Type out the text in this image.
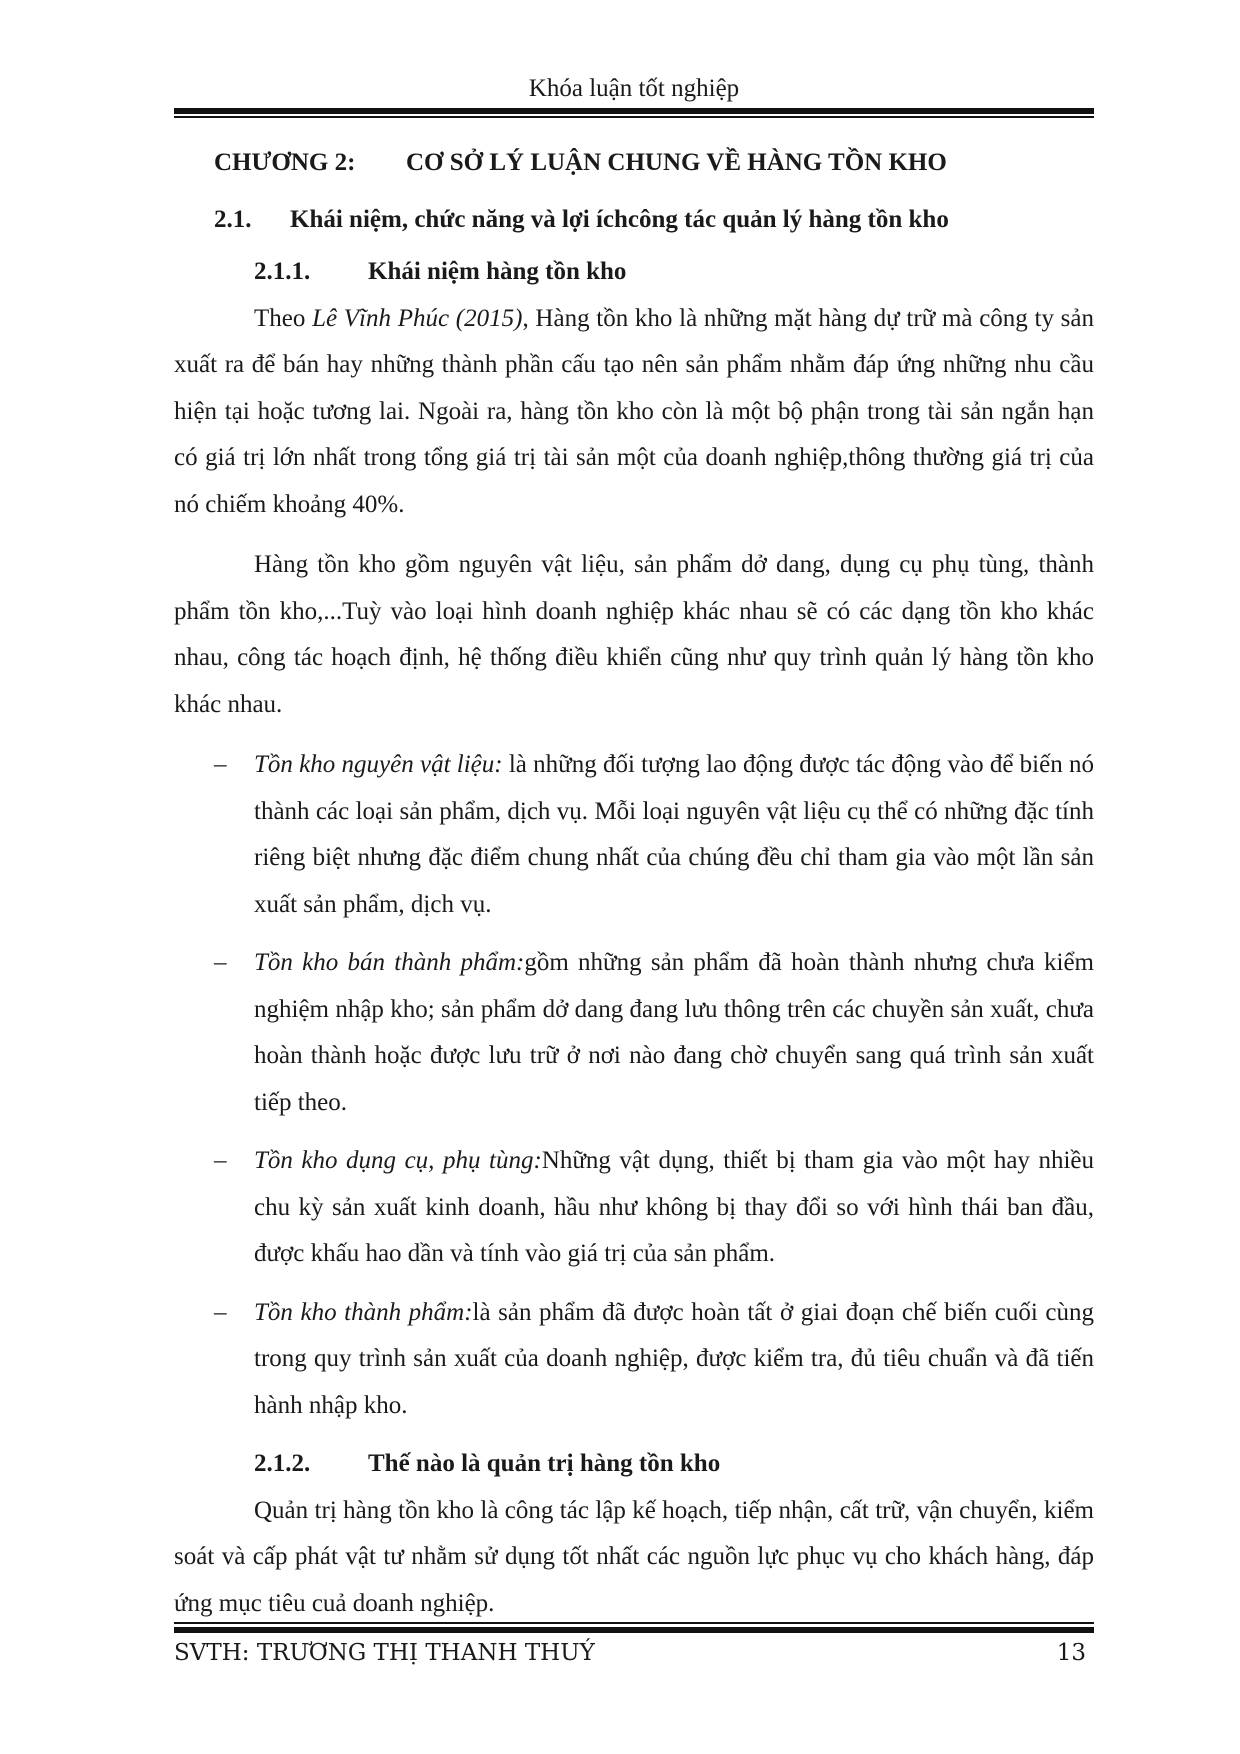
Khóa luận tốt nghiệp
CHƯƠNG 2: CƠ SỞ LÝ LUẬN CHUNG VỀ HÀNG TỒN KHO
2.1. Khái niệm, chức năng và lợi íchcông tác quản lý hàng tồn kho
2.1.1. Khái niệm hàng tồn kho

Theo Lê Vĩnh Phúc (2015), Hàng tồn kho là những mặt hàng dự trữ mà công ty sản xuất ra để bán hay những thành phần cấu tạo nên sản phẩm nhằm đáp ứng những nhu cầu hiện tại hoặc tương lai. Ngoài ra, hàng tồn kho còn là một bộ phận trong tài sản ngắn hạn có giá trị lớn nhất trong tổng giá trị tài sản một của doanh nghiệp,thông thường giá trị của nó chiếm khoảng 40%.

Hàng tồn kho gồm nguyên vật liệu, sản phẩm dở dang, dụng cụ phụ tùng, thành phẩm tồn kho,...Tuỳ vào loại hình doanh nghiệp khác nhau sẽ có các dạng tồn kho khác nhau, công tác hoạch định, hệ thống điều khiển cũng như quy trình quản lý hàng tồn kho khác nhau.

– Tồn kho nguyên vật liệu: là những đối tượng lao động được tác động vào để biến nó thành các loại sản phẩm, dịch vụ. Mỗi loại nguyên vật liệu cụ thể có những đặc tính riêng biệt nhưng đặc điểm chung nhất của chúng đều chỉ tham gia vào một lần sản xuất sản phẩm, dịch vụ.
– Tồn kho bán thành phẩm:gồm những sản phẩm đã hoàn thành nhưng chưa kiểm nghiệm nhập kho; sản phẩm dở dang đang lưu thông trên các chuyền sản xuất, chưa hoàn thành hoặc được lưu trữ ở nơi nào đang chờ chuyển sang quá trình sản xuất tiếp theo.
– Tồn kho dụng cụ, phụ tùng:Những vật dụng, thiết bị tham gia vào một hay nhiều chu kỳ sản xuất kinh doanh, hầu như không bị thay đổi so với hình thái ban đầu, được khấu hao dần và tính vào giá trị của sản phẩm.
– Tồn kho thành phẩm:là sản phẩm đã được hoàn tất ở giai đoạn chế biến cuối cùng trong quy trình sản xuất của doanh nghiệp, được kiểm tra, đủ tiêu chuẩn và đã tiến hành nhập kho.
2.1.2. Thế nào là quản trị hàng tồn kho

Quản trị hàng tồn kho là công tác lập kế hoạch, tiếp nhận, cất trữ, vận chuyển, kiểm soát và cấp phát vật tư nhằm sử dụng tốt nhất các nguồn lực phục vụ cho khách hàng, đáp ứng mục tiêu cuả doanh nghiệp.

SVTH: TRƯƠNG THỊ THANH THUÝ	13
